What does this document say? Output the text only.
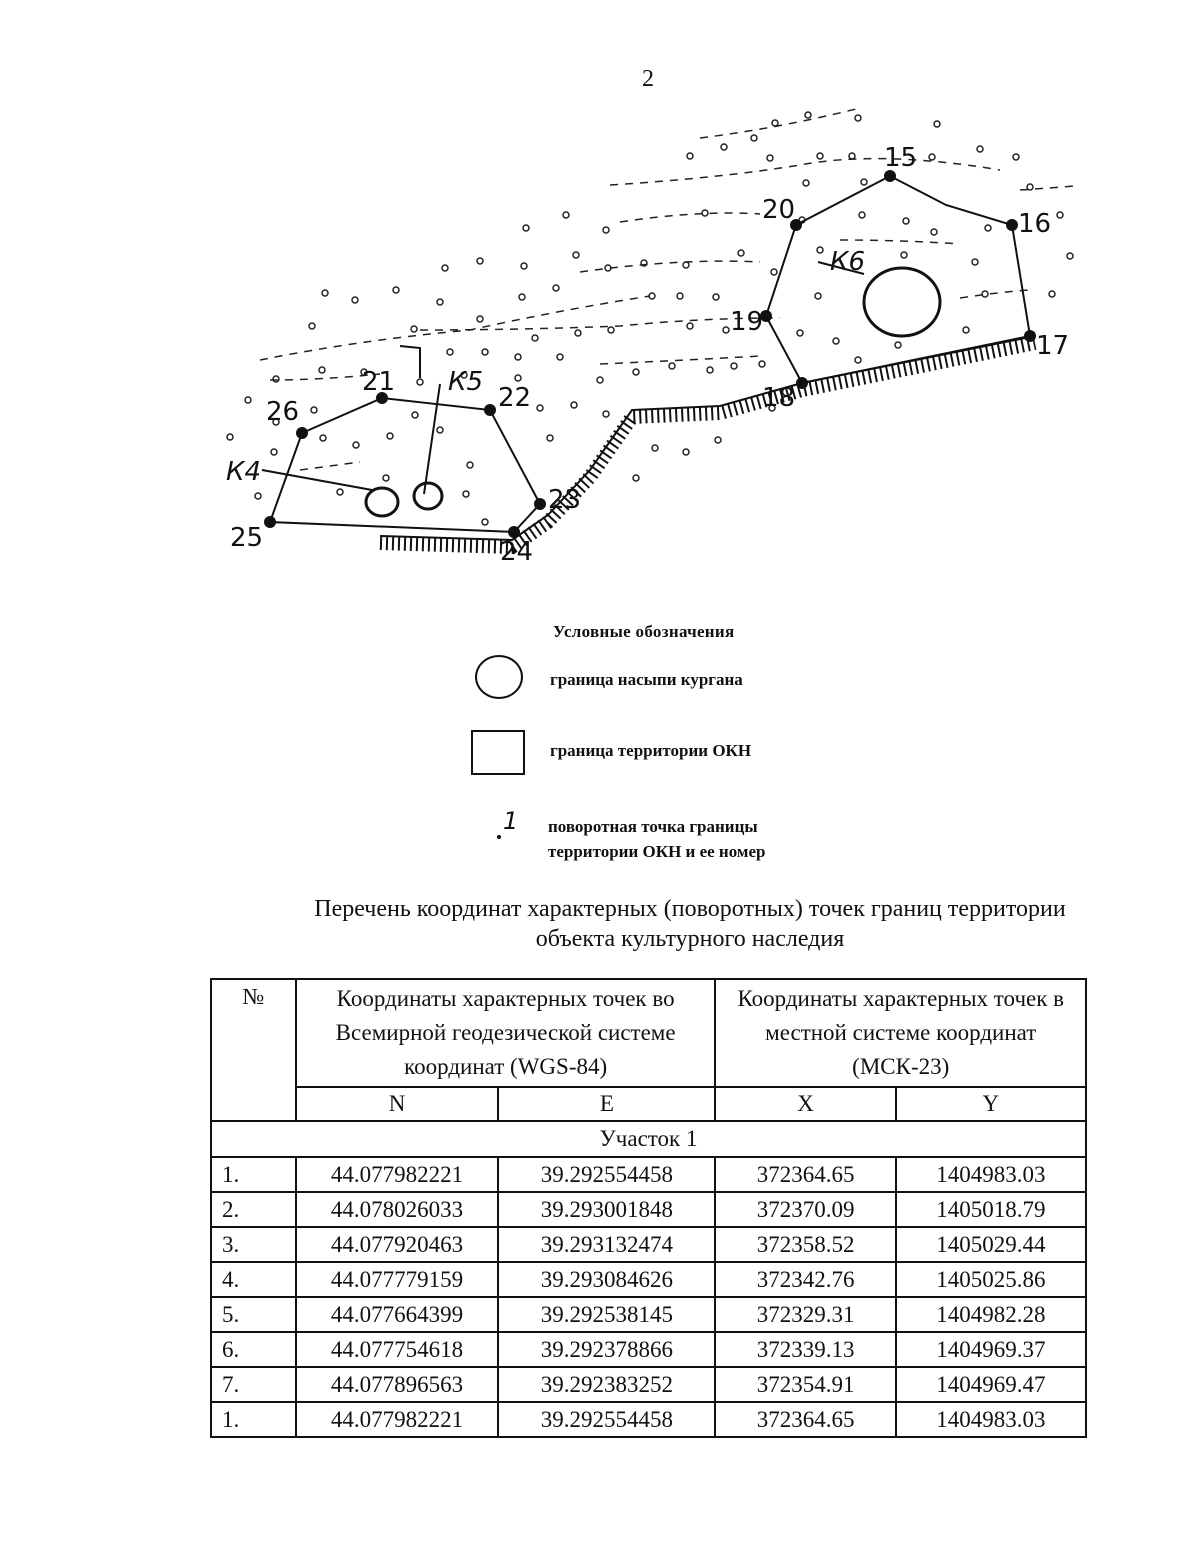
2
15
16
17
18
19
20
21
22
23
24
25
26
К4
К5
К6
Условные обозначения
граница насыпи кургана
граница территории ОКН
1 поворотная точка границы
территории ОКН и ее номер
Перечень координат характерных (поворотных) точек границ территории
объекта культурного наследия
№	Координаты характерных точек во Всемирной геодезической системе координат (WGS-84)		Координаты характерных точек в местной системе координат (МСК-23)	
	N	E	X	Y
Участок 1				
1.	44.077982221	39.292554458	372364.65	1404983.03
2.	44.078026033	39.293001848	372370.09	1405018.79
3.	44.077920463	39.293132474	372358.52	1405029.44
4.	44.077779159	39.293084626	372342.76	1405025.86
5.	44.077664399	39.292538145	372329.31	1404982.28
6.	44.077754618	39.292378866	372339.13	1404969.37
7.	44.077896563	39.292383252	372354.91	1404969.47
1.	44.077982221	39.292554458	372364.65	1404983.03
